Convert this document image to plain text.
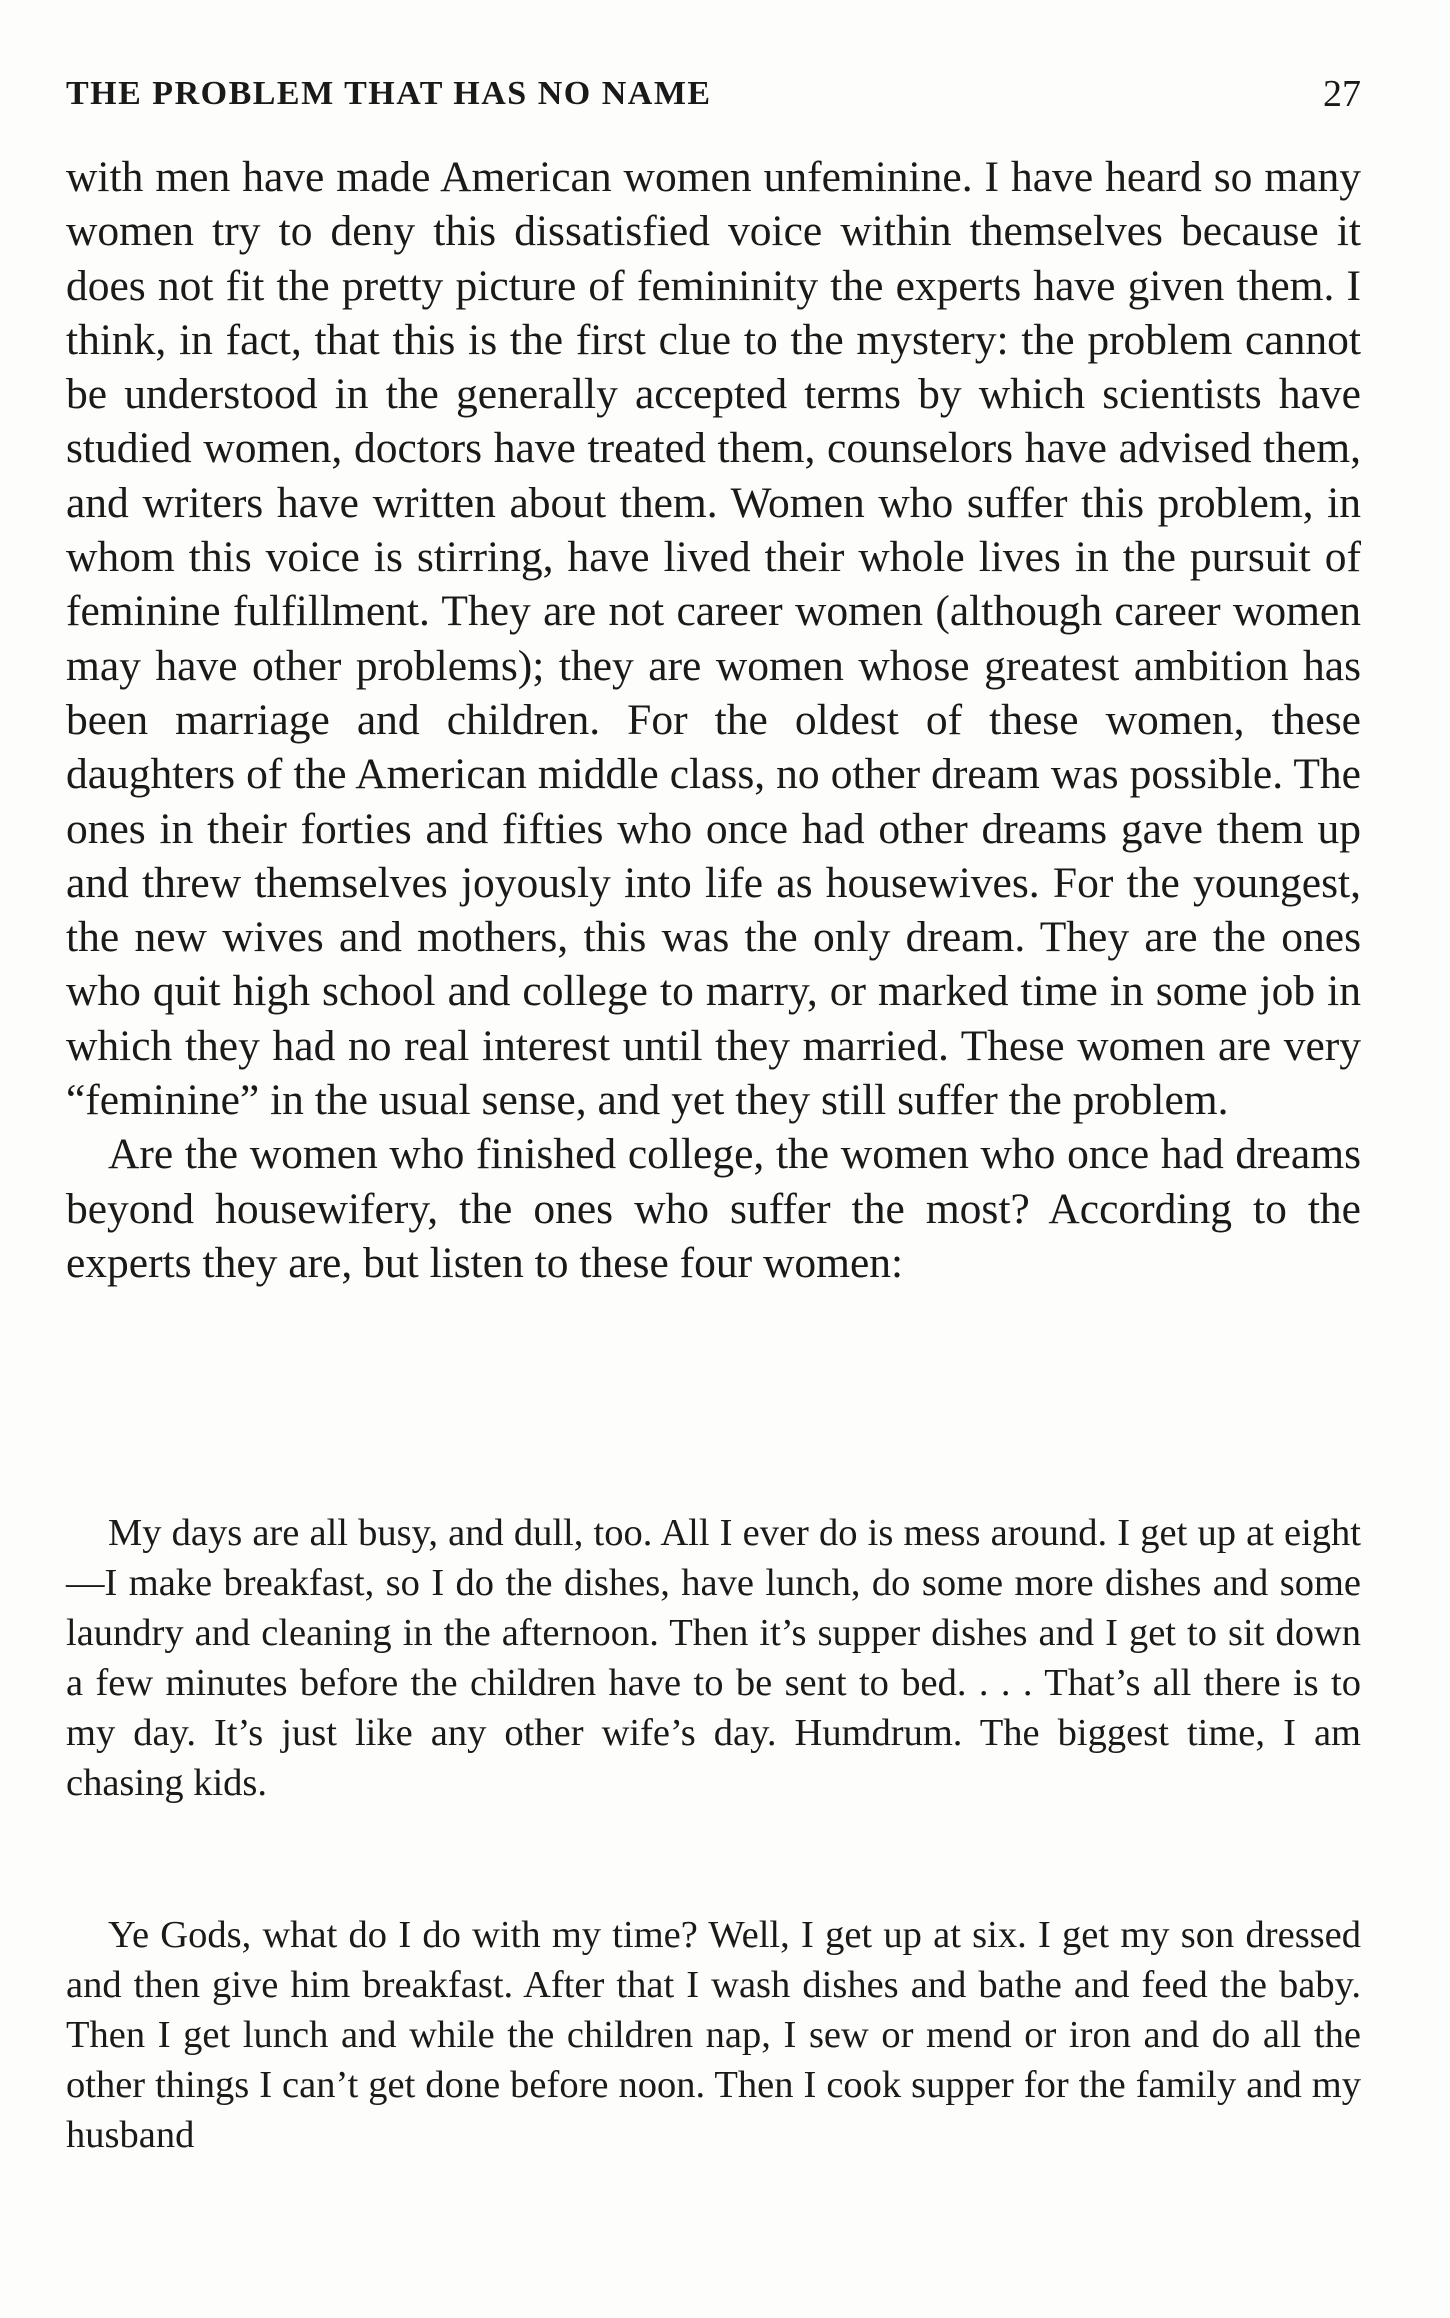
THE PROBLEM THAT HAS NO NAME	27

with men have made American women unfeminine. I have heard so many women try to deny this dissatisfied voice within themselves because it does not fit the pretty picture of femininity the experts have given them. I think, in fact, that this is the first clue to the mystery: the problem cannot be understood in the generally accepted terms by which scientists have studied women, doctors have treated them, counselors have advised them, and writers have written about them. Women who suffer this problem, in whom this voice is stirring, have lived their whole lives in the pursuit of feminine fulfillment. They are not career women (although career women may have other problems); they are women whose greatest ambition has been marriage and children. For the oldest of these women, these daughters of the American middle class, no other dream was possible. The ones in their forties and fifties who once had other dreams gave them up and threw themselves joyously into life as housewives. For the youngest, the new wives and mothers, this was the only dream. They are the ones who quit high school and college to marry, or marked time in some job in which they had no real interest until they married. These women are very “feminine” in the usual sense, and yet they still suffer the problem.

Are the women who finished college, the women who once had dreams beyond housewifery, the ones who suffer the most? According to the experts they are, but listen to these four women:

My days are all busy, and dull, too. All I ever do is mess around. I get up at eight—I make breakfast, so I do the dishes, have lunch, do some more dishes and some laundry and cleaning in the afternoon. Then it’s supper dishes and I get to sit down a few minutes before the children have to be sent to bed. . . . That’s all there is to my day. It’s just like any other wife’s day. Humdrum. The biggest time, I am chasing kids.

Ye Gods, what do I do with my time? Well, I get up at six. I get my son dressed and then give him breakfast. After that I wash dishes and bathe and feed the baby. Then I get lunch and while the children nap, I sew or mend or iron and do all the other things I can’t get done before noon. Then I cook supper for the family and my husband
